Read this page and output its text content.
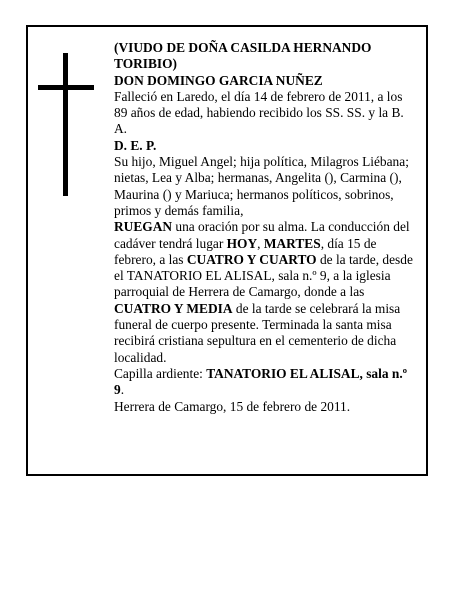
(VIUDO DE DOÑA CASILDA HERNANDO TORIBIO)

DON DOMINGO GARCIA NUÑEZ

Falleció en Laredo, el día 14 de febrero de 2011, a los 89 años de edad, habiendo recibido los SS. SS. y la B. A.

D. E. P.

Su hijo, Miguel Angel; hija política, Milagros Liébana; nietas, Lea y Alba; hermanas, Angelita (), Carmina (), Maurina () y Mariuca; hermanos políticos, sobrinos, primos y demás familia,

RUEGAN una oración por su alma. La conducción del cadáver tendrá lugar HOY, MARTES, día 15 de febrero, a las CUATRO Y CUARTO de la tarde, desde el TANATORIO EL ALISAL, sala n.º 9, a la iglesia parroquial de Herrera de Camargo, donde a las CUATRO Y MEDIA de la tarde se celebrará la misa funeral de cuerpo presente. Terminada la santa misa recibirá cristiana sepultura en el cementerio de dicha localidad.

Capilla ardiente: TANATORIO EL ALISAL, sala n.º 9.

Herrera de Camargo, 15 de febrero de 2011.
